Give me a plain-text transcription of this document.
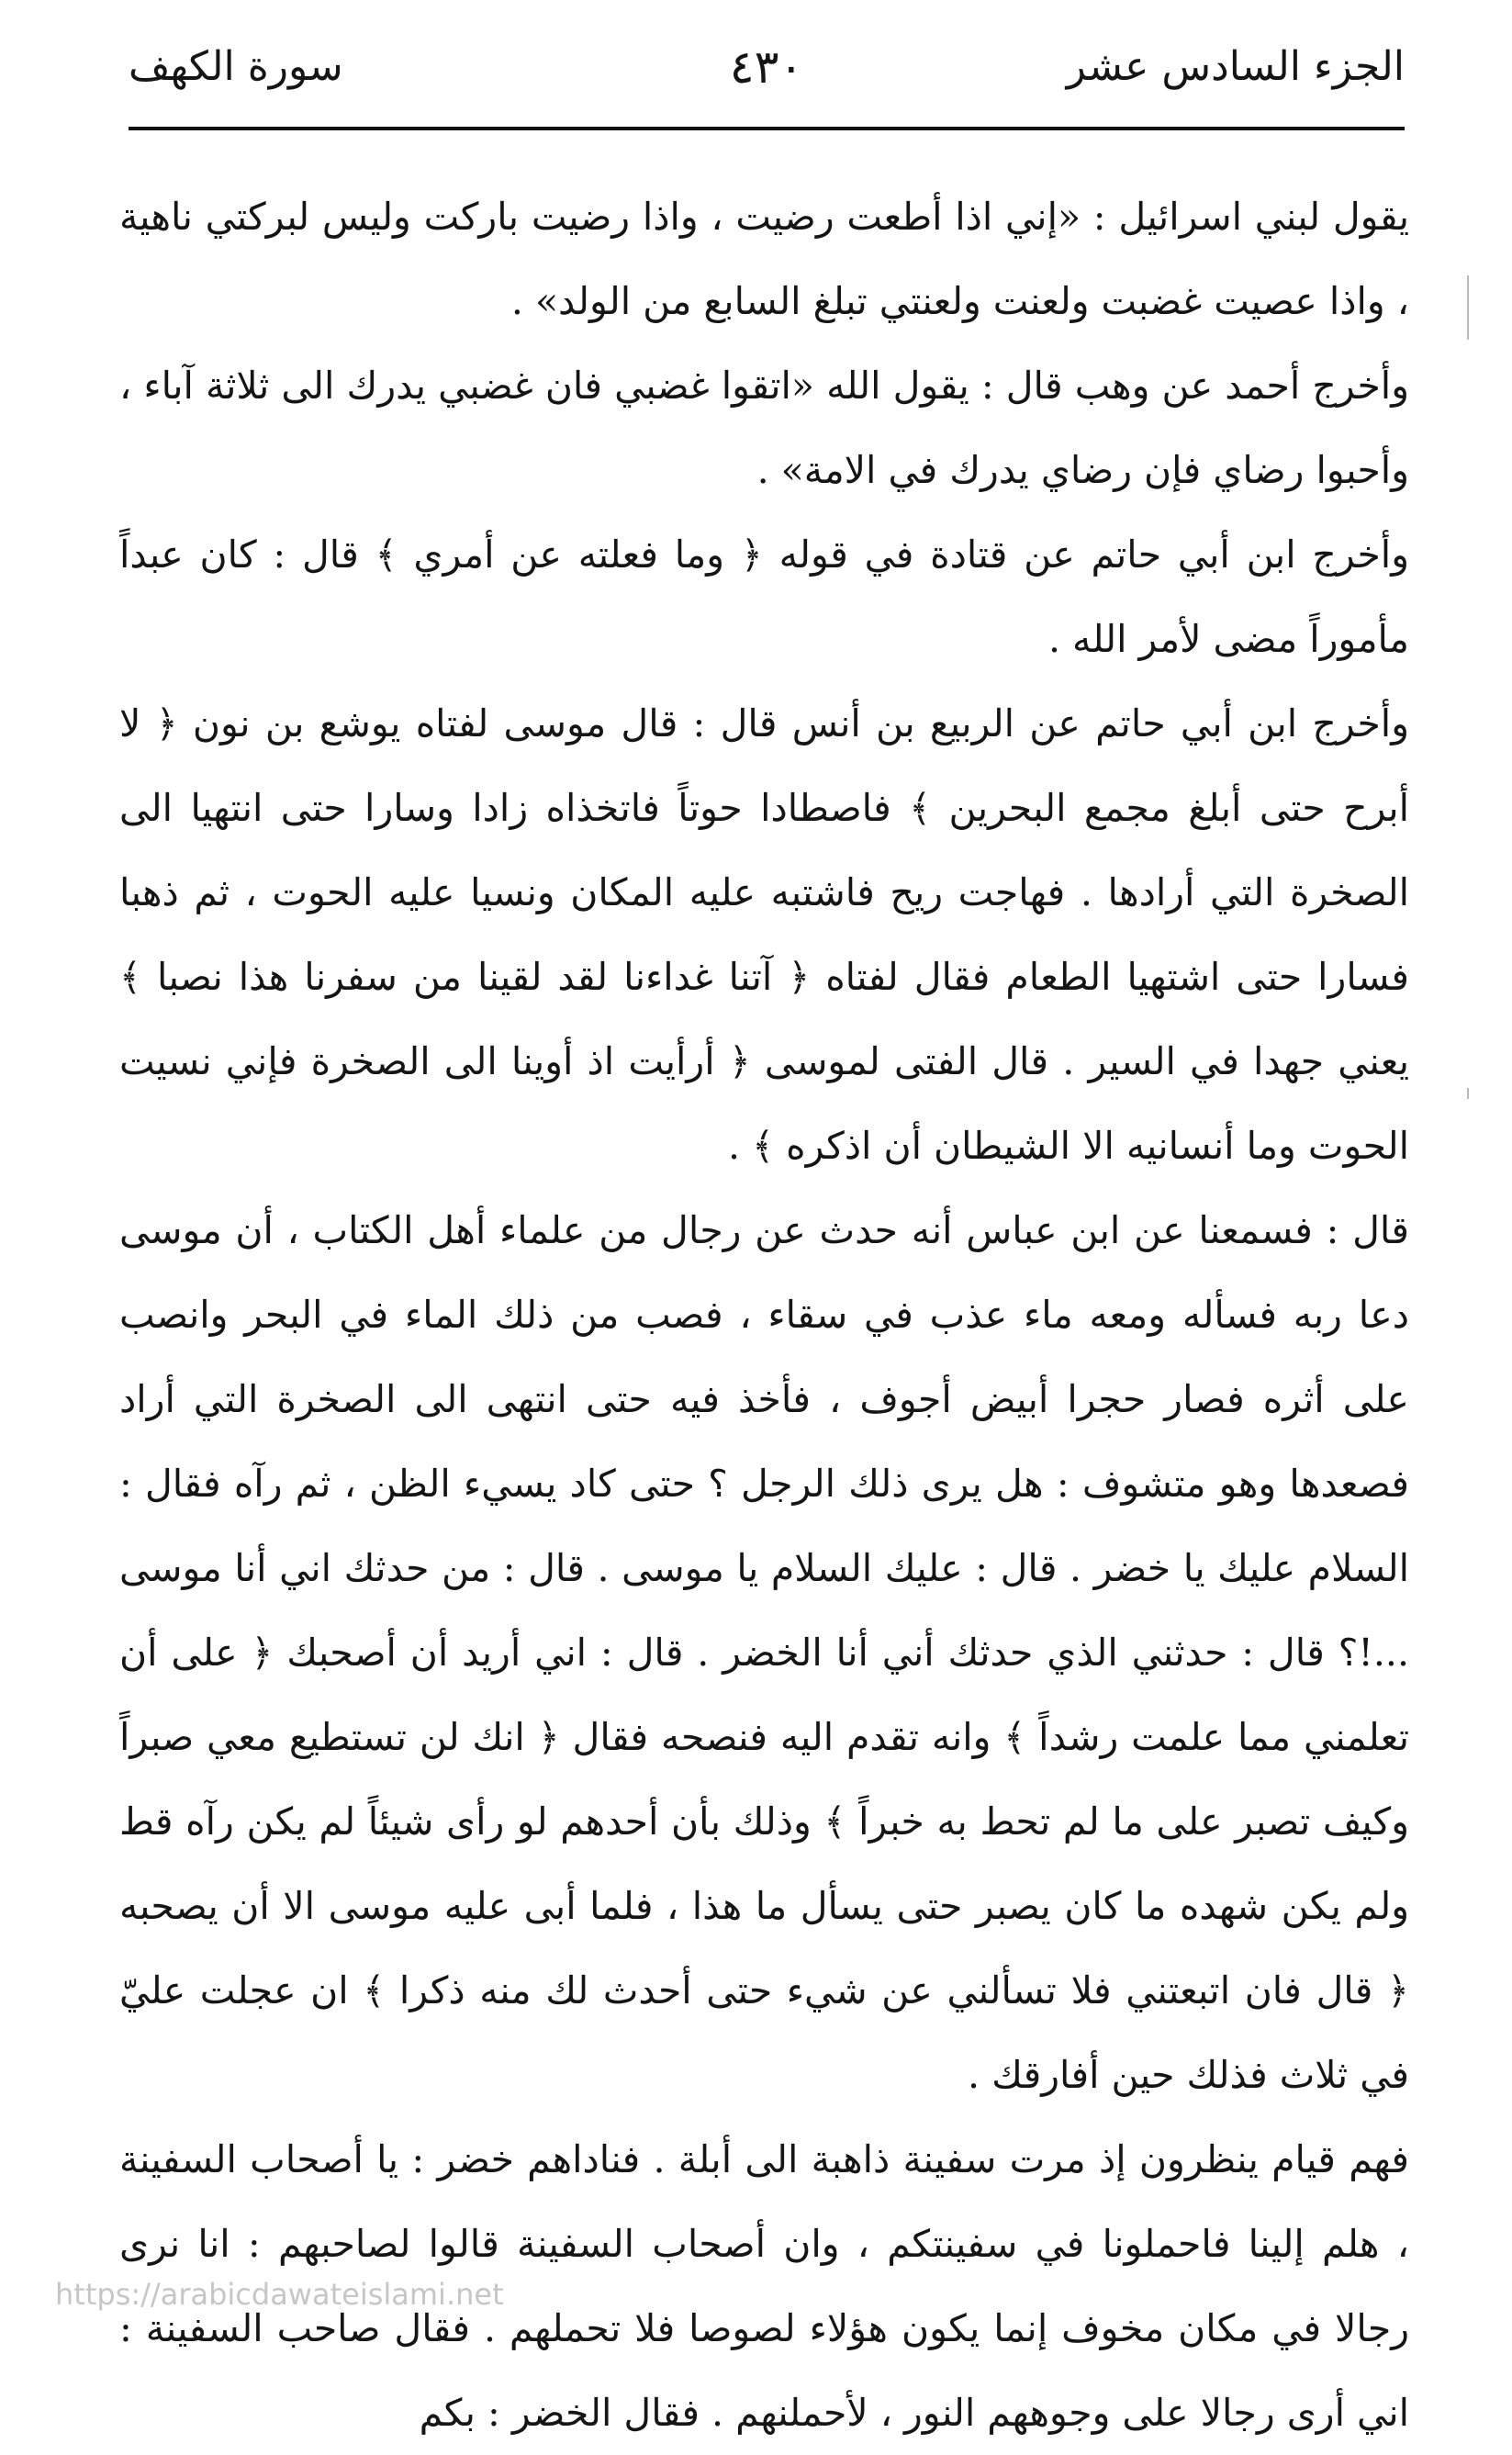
الجزء السادس عشر
٤٣٠
سورة الكهف

يقول لبني اسرائيل : «إني اذا أطعت رضيت ، واذا رضيت باركت وليس لبركتي ناهية ، واذا عصيت غضبت ولعنت ولعنتي تبلغ السابع من الولد» .

وأخرج أحمد عن وهب قال : يقول الله «اتقوا غضبي فان غضبي يدرك الى ثلاثة آباء ، وأحبوا رضاي فإن رضاي يدرك في الامة» .

وأخرج ابن أبي حاتم عن قتادة في قوله ﴿ وما فعلته عن أمري ﴾ قال : كان عبداً مأموراً مضى لأمر الله .

وأخرج ابن أبي حاتم عن الربيع بن أنس قال : قال موسى لفتاه يوشع بن نون ﴿ لا أبرح حتى أبلغ مجمع البحرين ﴾ فاصطادا حوتاً فاتخذاه زادا وسارا حتى انتهيا الى الصخرة التي أرادها . فهاجت ريح فاشتبه عليه المكان ونسيا عليه الحوت ، ثم ذهبا فسارا حتى اشتهيا الطعام فقال لفتاه ﴿ آتنا غداءنا لقد لقينا من سفرنا هذا نصبا ﴾ يعني جهدا في السير . قال الفتى لموسى ﴿ أرأيت اذ أوينا الى الصخرة فإني نسيت الحوت وما أنسانيه الا الشيطان أن اذكره ﴾ .

قال : فسمعنا عن ابن عباس أنه حدث عن رجال من علماء أهل الكتاب ، أن موسى دعا ربه فسأله ومعه ماء عذب في سقاء ، فصب من ذلك الماء في البحر وانصب على أثره فصار حجرا أبيض أجوف ، فأخذ فيه حتى انتهى الى الصخرة التي أراد فصعدها وهو متشوف : هل يرى ذلك الرجل ؟ حتى كاد يسيء الظن ، ثم رآه فقال : السلام عليك يا خضر . قال : عليك السلام يا موسى . قال : من حدثك اني أنا موسى ...!؟ قال : حدثني الذي حدثك أني أنا الخضر . قال : اني أريد أن أصحبك ﴿ على أن تعلمني مما علمت رشداً ﴾ وانه تقدم اليه فنصحه فقال ﴿ انك لن تستطيع معي صبراً وكيف تصبر على ما لم تحط به خبراً ﴾ وذلك بأن أحدهم لو رأى شيئاً لم يكن رآه قط ولم يكن شهده ما كان يصبر حتى يسأل ما هذا ، فلما أبى عليه موسى الا أن يصحبه ﴿ قال فان اتبعتني فلا تسألني عن شيء حتى أحدث لك منه ذكرا ﴾ ان عجلت عليّ في ثلاث فذلك حين أفارقك .

فهم قيام ينظرون إذ مرت سفينة ذاهبة الى أبلة . فناداهم خضر : يا أصحاب السفينة ، هلم إلينا فاحملونا في سفينتكم ، وان أصحاب السفينة قالوا لصاحبهم : انا نرى رجالا في مكان مخوف إنما يكون هؤلاء لصوصا فلا تحملهم . فقال صاحب السفينة : اني أرى رجالا على وجوههم النور ، لأحملنهم . فقال الخضر : بكم

https://arabicdawateislami.net
